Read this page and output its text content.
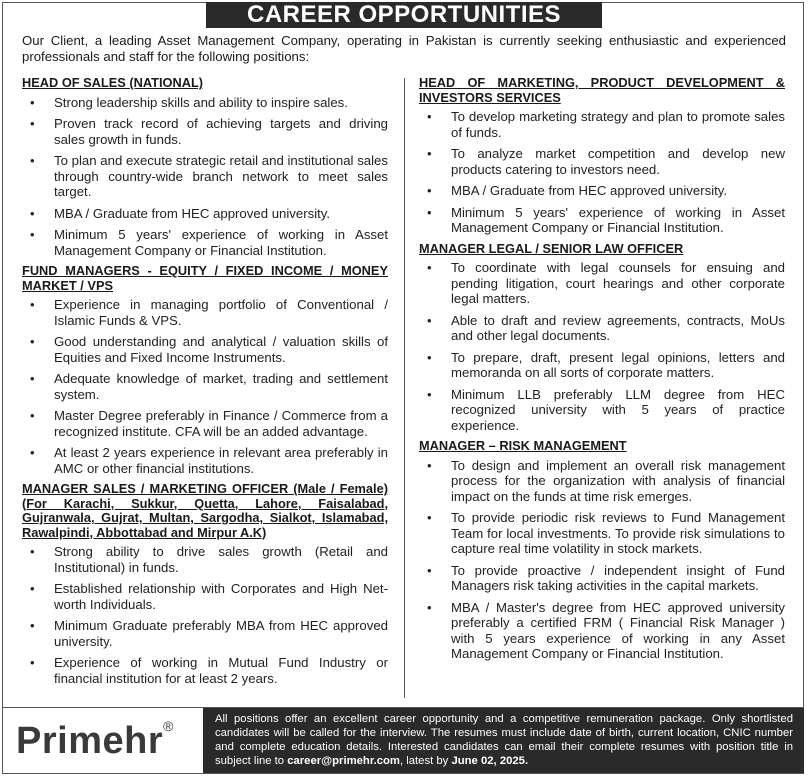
CAREER OPPORTUNITIES
Our Client, a leading Asset Management Company, operating in Pakistan is currently seeking enthusiastic and experienced professionals and staff for the following positions:
HEAD OF SALES (NATIONAL)
• Strong leadership skills and ability to inspire sales.
• Proven track record of achieving targets and driving sales growth in funds.
• To plan and execute strategic retail and institutional sales through country-wide branch network to meet sales target.
• MBA / Graduate from HEC approved university.
• Minimum 5 years' experience of working in Asset Management Company or Financial Institution.
FUND MANAGERS - EQUITY / FIXED INCOME / MONEY MARKET / VPS
• Experience in managing portfolio of Conventional / Islamic Funds & VPS.
• Good understanding and analytical / valuation skills of Equities and Fixed Income Instruments.
• Adequate knowledge of market, trading and settlement system.
• Master Degree preferably in Finance / Commerce from a recognized institute. CFA will be an added advantage.
• At least 2 years experience in relevant area preferably in AMC or other financial institutions.
MANAGER SALES / MARKETING OFFICER (Male / Female) (For Karachi, Sukkur, Quetta, Lahore, Faisalabad, Gujranwala, Gujrat, Multan, Sargodha, Sialkot, Islamabad, Rawalpindi, Abbottabad and Mirpur A.K)
• Strong ability to drive sales growth (Retail and Institutional) in funds.
• Established relationship with Corporates and High Net-worth Individuals.
• Minimum Graduate preferably MBA from HEC approved university.
• Experience of working in Mutual Fund Industry or financial institution for at least 2 years.
HEAD OF MARKETING, PRODUCT DEVELOPMENT & INVESTORS SERVICES
• To develop marketing strategy and plan to promote sales of funds.
• To analyze market competition and develop new products catering to investors need.
• MBA / Graduate from HEC approved university.
• Minimum 5 years' experience of working in Asset Management Company or Financial Institution.
MANAGER LEGAL / SENIOR LAW OFFICER
• To coordinate with legal counsels for ensuing and pending litigation, court hearings and other corporate legal matters.
• Able to draft and review agreements, contracts, MoUs and other legal documents.
• To prepare, draft, present legal opinions, letters and memoranda on all sorts of corporate matters.
• Minimum LLB preferably LLM degree from HEC recognized university with 5 years of practice experience.
MANAGER – RISK MANAGEMENT
• To design and implement an overall risk management process for the organization with analysis of financial impact on the funds at time risk emerges.
• To provide periodic risk reviews to Fund Management Team for local investments. To provide risk simulations to capture real time volatility in stock markets.
• To provide proactive / independent insight of Fund Managers risk taking activities in the capital markets.
• MBA / Master's degree from HEC approved university preferably a certified FRM ( Financial Risk Manager ) with 5 years experience of working in any Asset Management Company or Financial Institution.
Primehr®	All positions offer an excellent career opportunity and a competitive remuneration package. Only shortlisted candidates will be called for the interview. The resumes must include date of birth, current location, CNIC number and complete education details. Interested candidates can email their complete resumes with position title in subject line to career@primehr.com, latest by June 02, 2025.
